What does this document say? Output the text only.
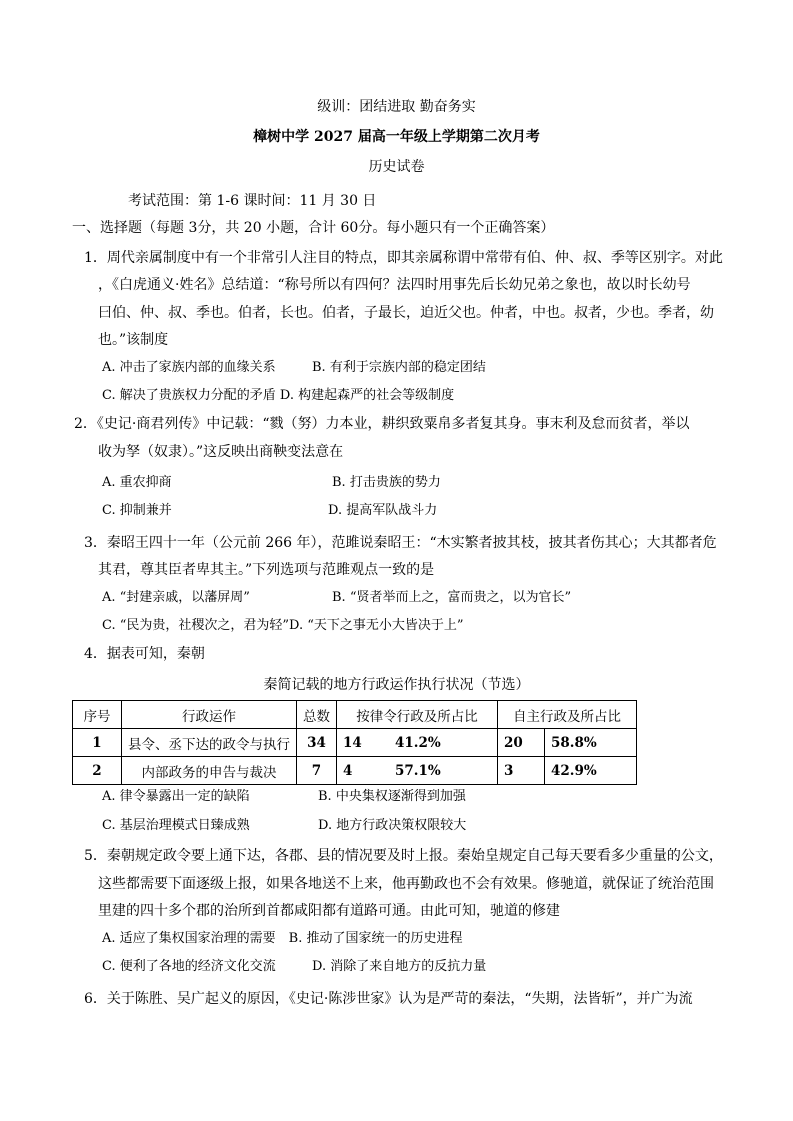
级训：团结进取 勤奋务实
樟树中学 2027 届高一年级上学期第二次月考
历史试卷
考试范围：第 1-6 课时间：11 月 30 日
一、选择题（每题 3分，共 20 小题，合计 60分。每小题只有一个正确答案）
1．周代亲属制度中有一个非常引人注目的特点，即其亲属称谓中常带有伯、仲、叔、季等区别字。对此
，《白虎通义·姓名》总结道：“称号所以有四何？法四时用事先后长幼兄弟之象也，故以时长幼号
曰伯、仲、叔、季也。伯者，长也。伯者，子最长，迫近父也。仲者，中也。叔者，少也。季者，幼
也。”该制度
A. 冲击了家族内部的血缘关系	B. 有利于宗族内部的稳定团结
C. 解决了贵族权力分配的矛盾 D. 构建起森严的社会等级制度
2．《史记·商君列传》中记载：“戮（努）力本业，耕织致粟帛多者复其身。事末利及怠而贫者，举以
收为孥（奴隶）。”这反映出商鞅变法意在
A. 重农抑商	B. 打击贵族的势力
C. 抑制兼并	D. 提高军队战斗力
3．秦昭王四十一年（公元前 266 年），范雎说秦昭王：“木实繁者披其枝，披其者伤其心；大其都者危
其君，尊其臣者卑其主。”下列选项与范雎观点一致的是
A. “封建亲戚，以藩屏周”	B. “贤者举而上之，富而贵之，以为官长”
C. “民为贵，社稷次之，君为轻”D. “天下之事无小大皆决于上”
4．据表可知，秦朝
秦简记载的地方行政运作执行状况（节选）
序号	行政运作	总数	按律令行政及所占比		自主行政及所占比	
1	县令、丞下达的政令与执行	34	14	41.2%	20	58.8%
2	内部政务的申告与裁决	7	4	57.1%	3	42.9%
A. 律令暴露出一定的缺陷	B. 中央集权逐渐得到加强
C. 基层治理模式日臻成熟	D. 地方行政决策权限较大
5．秦朝规定政令要上通下达，各郡、县的情况要及时上报。秦始皇规定自己每天要看多少重量的公文，
这些都需要下面逐级上报，如果各地送不上来，他再勤政也不会有效果。修驰道，就保证了统治范围
里建的四十多个郡的治所到首都咸阳都有道路可通。由此可知，驰道的修建
A. 适应了集权国家治理的需要　B. 推动了国家统一的历史进程
C. 便利了各地的经济文化交流	D. 消除了来自地方的反抗力量
6．关于陈胜、吴广起义的原因，《史记·陈涉世家》认为是严苛的秦法，“失期，法皆斩”，并广为流
